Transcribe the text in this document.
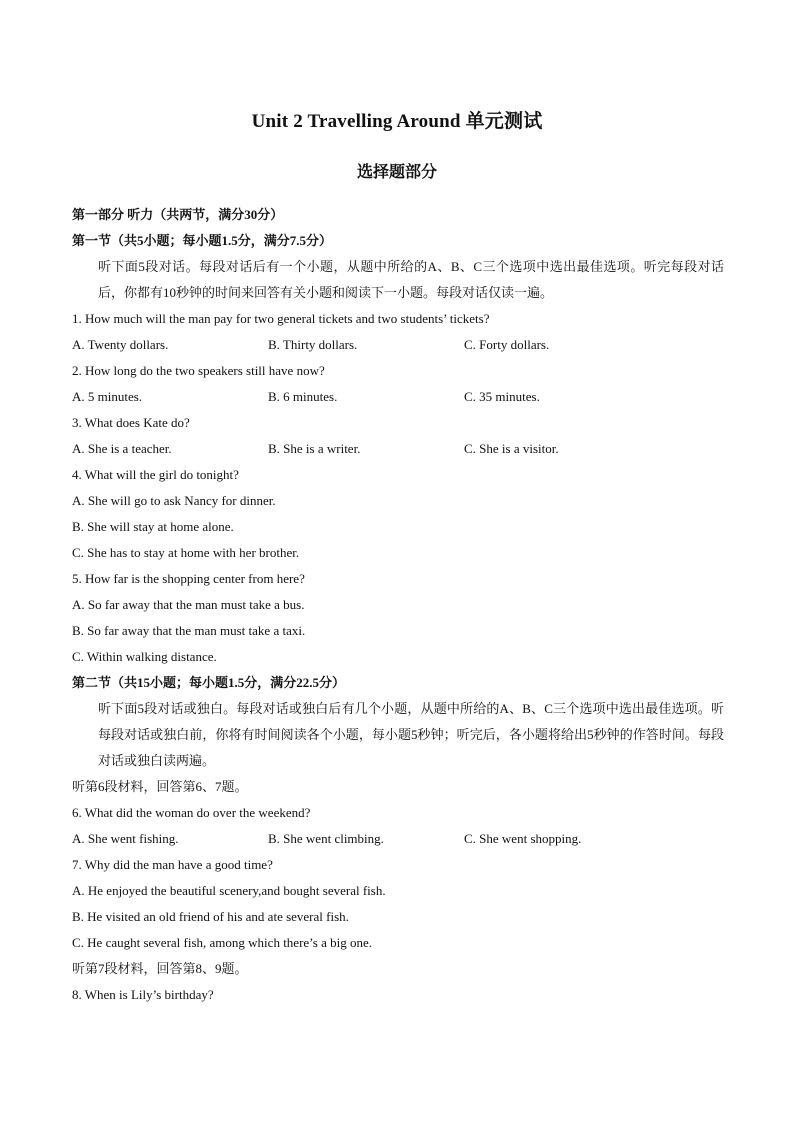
Unit 2 Travelling Around 单元测试
选择题部分
第一部分 听力（共两节，满分30分）
第一节（共5小题；每小题1.5分，满分7.5分）
听下面5段对话。每段对话后有一个小题，从题中所给的A、B、C三个选项中选出最佳选项。听完每段对话后，你都有10秒钟的时间来回答有关小题和阅读下一小题。每段对话仅读一遍。
1. How much will the man pay for two general tickets and two students’ tickets?
A. Twenty dollars.	B. Thirty dollars.	C. Forty dollars.
2. How long do the two speakers still have now?
A. 5 minutes.	B. 6 minutes.	C. 35 minutes.
3. What does Kate do?
A. She is a teacher.	B. She is a writer.	C. She is a visitor.
4. What will the girl do tonight?
A. She will go to ask Nancy for dinner.
B. She will stay at home alone.
C. She has to stay at home with her brother.
5. How far is the shopping center from here?
A. So far away that the man must take a bus.
B. So far away that the man must take a taxi.
C. Within walking distance.
第二节（共15小题；每小题1.5分，满分22.5分）
听下面5段对话或独白。每段对话或独白后有几个小题，从题中所给的A、B、C三个选项中选出最佳选项。听每段对话或独白前，你将有时间阅读各个小题，每小题5秒钟；听完后，各小题将给出5秒钟的作答时间。每段对话或独白读两遍。
听第6段材料，回答第6、7题。
6. What did the woman do over the weekend?
A. She went fishing.	B. She went climbing.	C. She went shopping.
7. Why did the man have a good time?
A. He enjoyed the beautiful scenery,and bought several fish.
B. He visited an old friend of his and ate several fish.
C. He caught several fish, among which there’s a big one.
听第7段材料，回答第8、9题。
8. When is Lily’s birthday?
